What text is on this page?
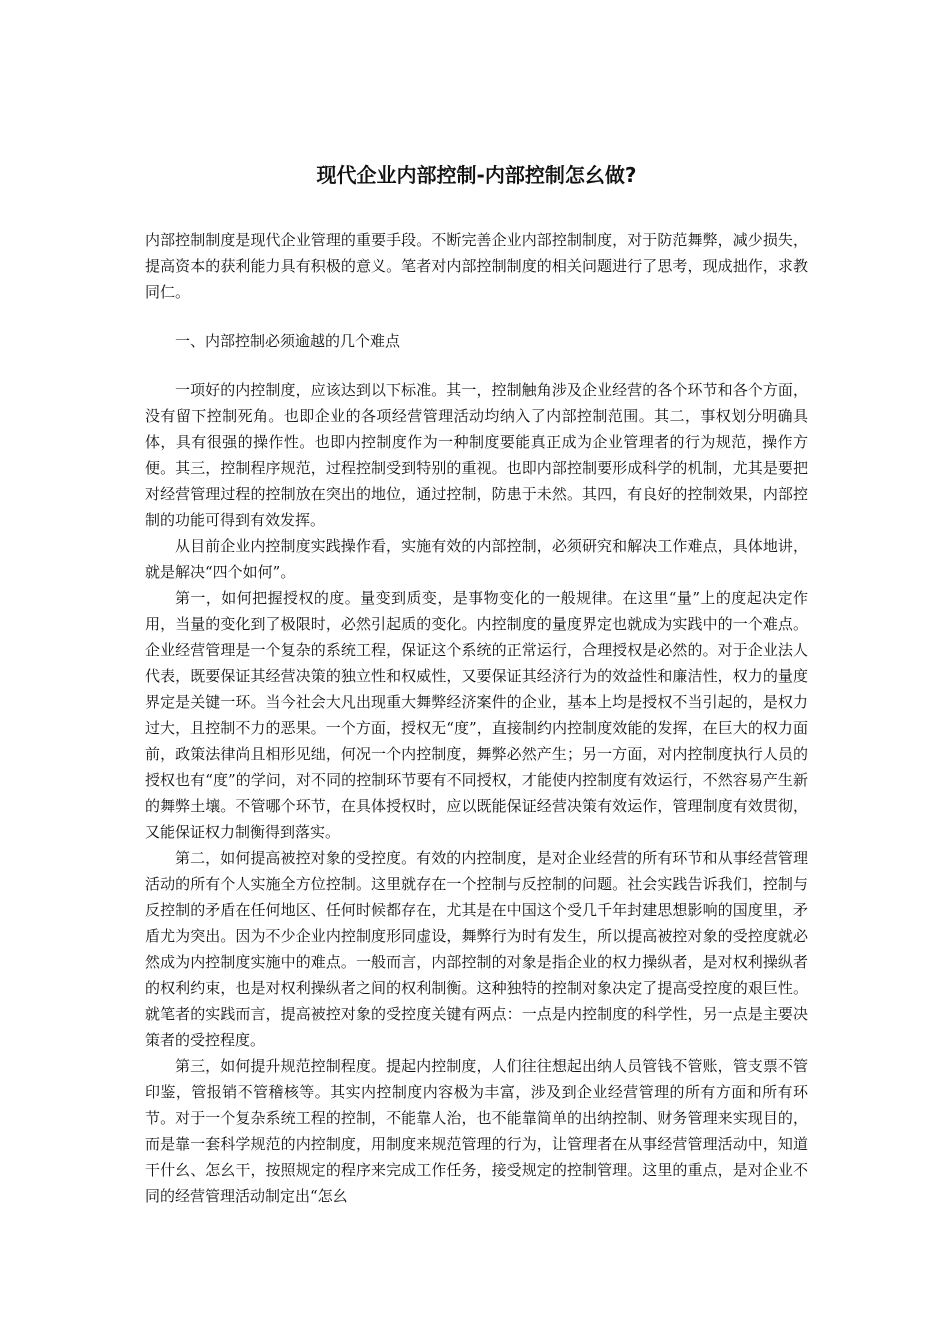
现代企业内部控制-内部控制怎幺做?

内部控制制度是现代企业管理的重要手段。不断完善企业内部控制制度，对于防范舞弊，减少损失，提高资本的获利能力具有积极的意义。笔者对内部控制制度的相关问题进行了思考，现成拙作，求教同仁。

一、内部控制必须逾越的几个难点

一项好的内控制度，应该达到以下标准。其一，控制触角涉及企业经营的各个环节和各个方面，没有留下控制死角。也即企业的各项经营管理活动均纳入了内部控制范围。其二，事权划分明确具体，具有很强的操作性。也即内控制度作为一种制度要能真正成为企业管理者的行为规范，操作方便。其三，控制程序规范，过程控制受到特别的重视。也即内部控制要形成科学的机制，尤其是要把对经营管理过程的控制放在突出的地位，通过控制，防患于未然。其四，有良好的控制效果，内部控制的功能可得到有效发挥。

从目前企业内控制度实践操作看，实施有效的内部控制，必须研究和解决工作难点，具体地讲，就是解决“四个如何”。

第一，如何把握授权的度。量变到质变，是事物变化的一般规律。在这里“量”上的度起决定作用，当量的变化到了极限时，必然引起质的变化。内控制度的量度界定也就成为实践中的一个难点。企业经营管理是一个复杂的系统工程，保证这个系统的正常运行，合理授权是必然的。对于企业法人代表，既要保证其经营决策的独立性和权威性，又要保证其经济行为的效益性和廉洁性，权力的量度界定是关键一环。当今社会大凡出现重大舞弊经济案件的企业，基本上均是授权不当引起的，是权力过大，且控制不力的恶果。一个方面，授权无“度”，直接制约内控制度效能的发挥，在巨大的权力面前，政策法律尚且相形见绌，何况一个内控制度，舞弊必然产生；另一方面，对内控制度执行人员的授权也有“度”的学问，对不同的控制环节要有不同授权，才能使内控制度有效运行，不然容易产生新的舞弊土壤。不管哪个环节，在具体授权时，应以既能保证经营决策有效运作，管理制度有效贯彻，又能保证权力制衡得到落实。

第二，如何提高被控对象的受控度。有效的内控制度，是对企业经营的所有环节和从事经营管理活动的所有个人实施全方位控制。这里就存在一个控制与反控制的问题。社会实践告诉我们，控制与反控制的矛盾在任何地区、任何时候都存在，尤其是在中国这个受几千年封建思想影响的国度里，矛盾尤为突出。因为不少企业内控制度形同虚设，舞弊行为时有发生，所以提高被控对象的受控度就必然成为内控制度实施中的难点。一般而言，内部控制的对象是指企业的权力操纵者，是对权利操纵者的权利约束，也是对权利操纵者之间的权利制衡。这种独特的控制对象决定了提高受控度的艰巨性。就笔者的实践而言，提高被控对象的受控度关键有两点：一点是内控制度的科学性，另一点是主要决策者的受控程度。

第三，如何提升规范控制程度。提起内控制度，人们往往想起出纳人员管钱不管账，管支票不管印鉴，管报销不管稽核等。其实内控制度内容极为丰富，涉及到企业经营管理的所有方面和所有环节。对于一个复杂系统工程的控制，不能靠人治，也不能靠简单的出纳控制、财务管理来实现目的，而是靠一套科学规范的内控制度，用制度来规范管理的行为，让管理者在从事经营管理活动中，知道干什幺、怎幺干，按照规定的程序来完成工作任务，接受规定的控制管理。这里的重点，是对企业不同的经营管理活动制定出“怎幺
